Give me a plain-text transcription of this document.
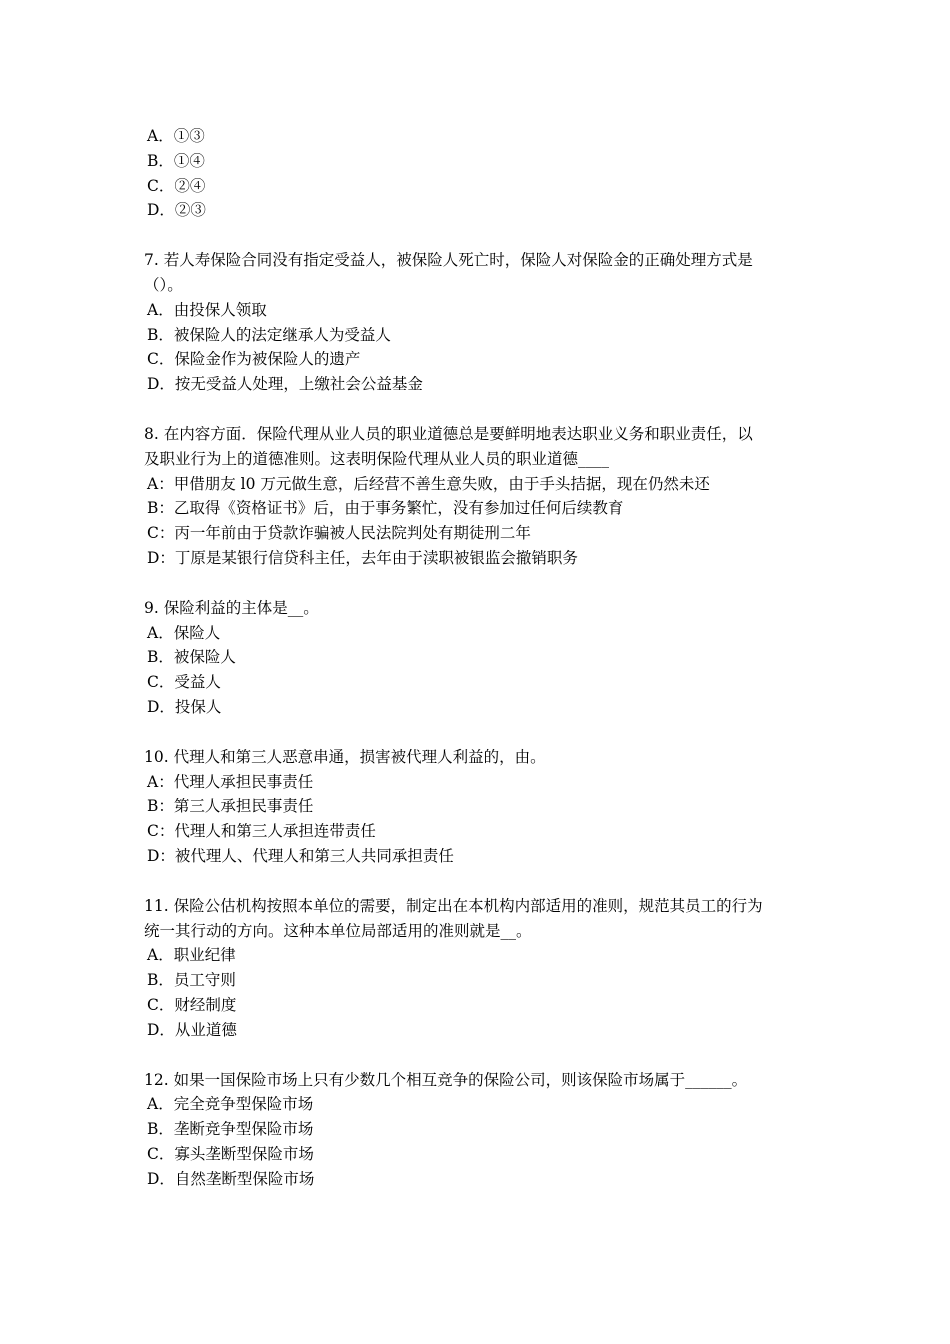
A．①③
B．①④
C．②④
D．②③
7. 若人寿保险合同没有指定受益人，被保险人死亡时，保险人对保险金的正确处理方式是
（）。
A．由投保人领取
B．被保险人的法定继承人为受益人
C．保险金作为被保险人的遗产
D．按无受益人处理，上缴社会公益基金
8. 在内容方面．保险代理从业人员的职业道德总是要鲜明地表达职业义务和职业责任，以
及职业行为上的道德准则。这表明保险代理从业人员的职业道德____
A：甲借朋友 l0 万元做生意，后经营不善生意失败，由于手头拮据，现在仍然未还
B：乙取得《资格证书》后，由于事务繁忙，没有参加过任何后续教育
C：丙一年前由于贷款诈骗被人民法院判处有期徒刑二年
D：丁原是某银行信贷科主任，去年由于渎职被银监会撤销职务
9. 保险利益的主体是__。
A．保险人
B．被保险人
C．受益人
D．投保人
10. 代理人和第三人恶意串通，损害被代理人利益的，由。
A：代理人承担民事责任
B：第三人承担民事责任
C：代理人和第三人承担连带责任
D：被代理人、代理人和第三人共同承担责任
11. 保险公估机构按照本单位的需要，制定出在本机构内部适用的准则，规范其员工的行为
统一其行动的方向。这种本单位局部适用的准则就是__。
A．职业纪律
B．员工守则
C．财经制度
D．从业道德
12. 如果一国保险市场上只有少数几个相互竞争的保险公司，则该保险市场属于______。
A．完全竞争型保险市场
B．垄断竞争型保险市场
C．寡头垄断型保险市场
D．自然垄断型保险市场
